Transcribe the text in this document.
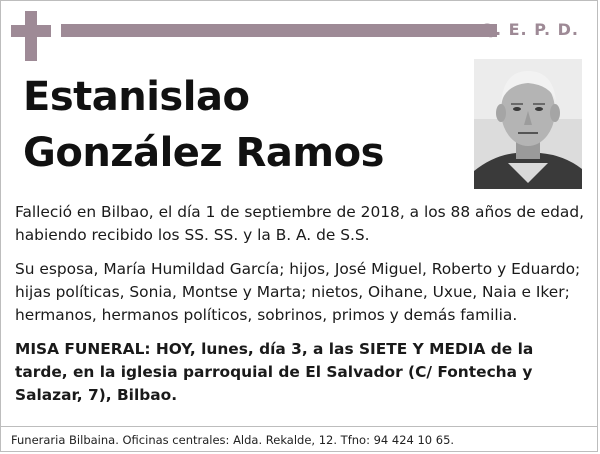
Q. E. P. D.
Estanislao
González Ramos

Falleció en Bilbao, el día 1 de septiembre de 2018, a los 88 años de edad, habiendo recibido los SS. SS. y la B. A. de S.S.

Su esposa, María Humildad García; hijos, José Miguel, Roberto y Eduardo; hijas políticas, Sonia, Montse y Marta; nietos, Oihane, Uxue, Naia e Iker; hermanos, hermanos políticos, sobrinos, primos y demás familia.

MISA FUNERAL: HOY, lunes, día 3, a las SIETE Y MEDIA de la tarde, en la iglesia parroquial de El Salvador (C/ Fontecha y Salazar, 7), Bilbao.

Funeraria Bilbaina. Oficinas centrales: Alda. Rekalde, 12. Tfno: 94 424 10 65.
